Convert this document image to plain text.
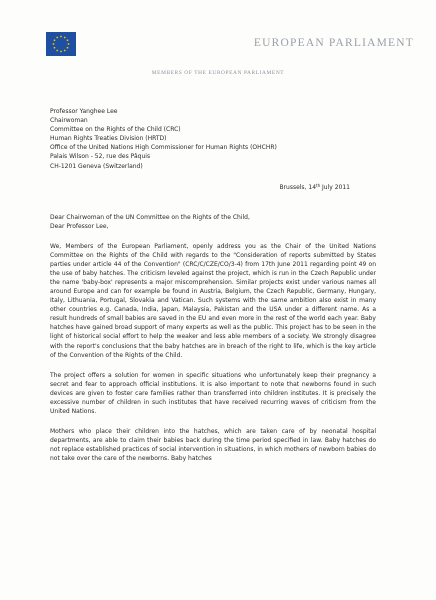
EUROPEAN PARLIAMENT
MEMBERS OF THE EUROPEAN PARLIAMENT
Professor Yanghee Lee
Chairwoman
Committee on the Rights of the Child (CRC)
Human Rights Treaties Division (HRTD)
Office of the United Nations High Commissioner for Human Rights (OHCHR)
Palais Wilson - 52, rue des Pâquis
CH-1201 Geneva (Switzerland)
Brussels, 14th July 2011
Dear Chairwoman of the UN Committee on the Rights of the Child,
Dear Professor Lee,

We, Members of the European Parliament, openly address you as the Chair of the United Nations Committee on the Rights of the Child with regards to the "Consideration of reports submitted by States parties under article 44 of the Convention" (CRC/C/CZE/CO/3-4) from 17th June 2011 regarding point 49 on the use of baby hatches. The criticism leveled against the project, which is run in the Czech Republic under the name 'baby-box' represents a major miscomprehension. Similar projects exist under various names all around Europe and can for example be found in Austria, Belgium, the Czech Republic, Germany, Hungary, Italy, Lithuania, Portugal, Slovakia and Vatican. Such systems with the same ambition also exist in many other countries e.g. Canada, India, Japan, Malaysia, Pakistan and the USA under a different name. As a result hundreds of small babies are saved in the EU and even more in the rest of the world each year. Baby hatches have gained broad support of many experts as well as the public. This project has to be seen in the light of historical social effort to help the weaker and less able members of a society. We strongly disagree with the report's conclusions that the baby hatches are in breach of the right to life, which is the key article of the Convention of the Rights of the Child.

The project offers a solution for women in specific situations who unfortunately keep their pregnancy a secret and fear to approach official institutions. It is also important to note that newborns found in such devices are given to foster care families rather than transferred into children institutes. It is precisely the excessive number of children in such institutes that have received recurring waves of criticism from the United Nations.

Mothers who place their children into the hatches, which are taken care of by neonatal hospital departments, are able to claim their babies back during the time period specified in law. Baby hatches do not replace established practices of social intervention in situations, in which mothers of newborn babies do not take over the care of the newborns. Baby hatches
